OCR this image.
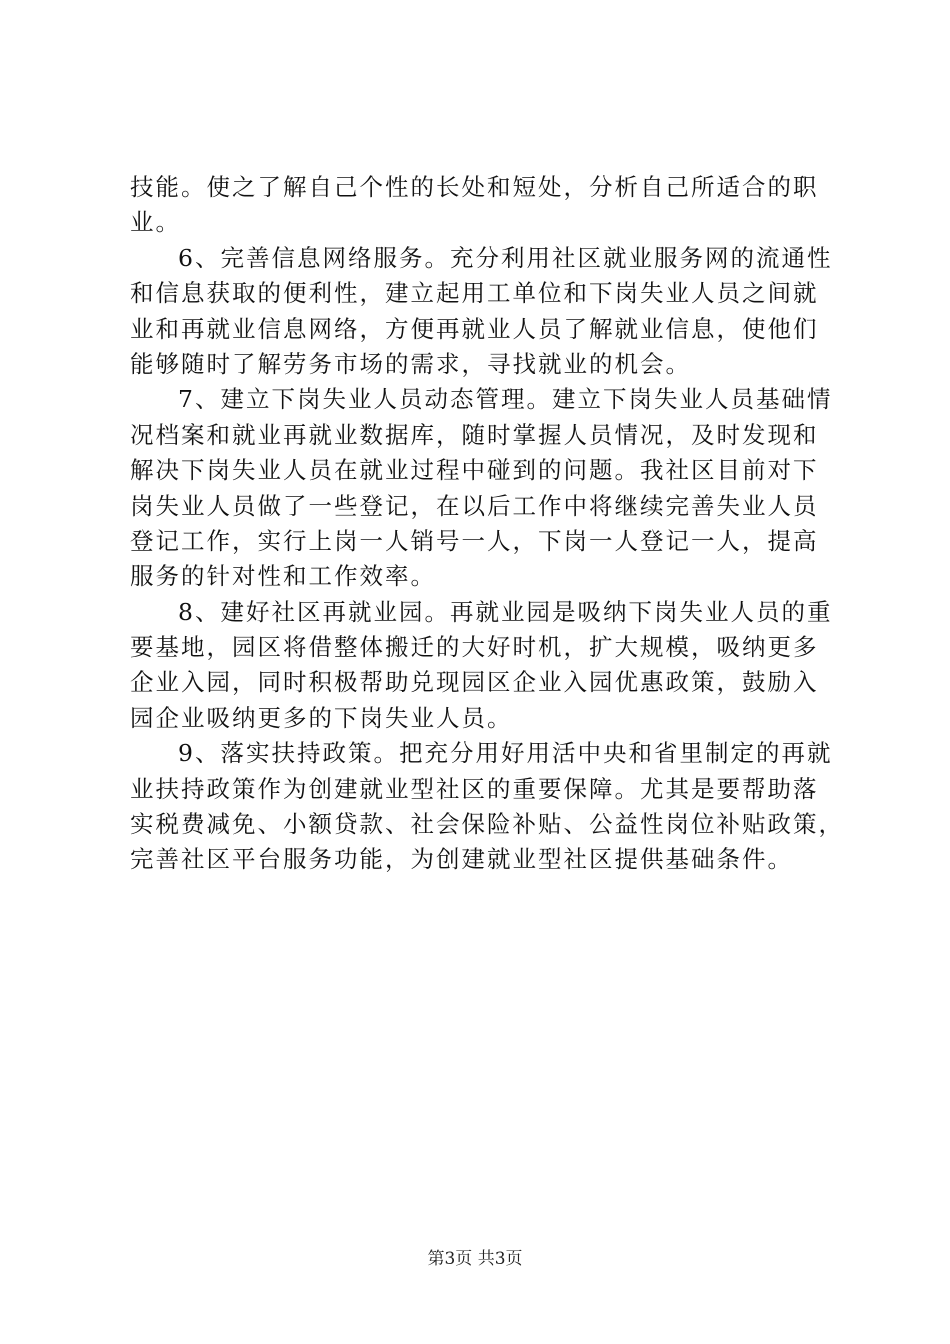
技能。使之了解自己个性的长处和短处，分析自己所适合的职
业。
6、完善信息网络服务。充分利用社区就业服务网的流通性
和信息获取的便利性，建立起用工单位和下岗失业人员之间就
业和再就业信息网络，方便再就业人员了解就业信息，使他们
能够随时了解劳务市场的需求，寻找就业的机会。
7、建立下岗失业人员动态管理。建立下岗失业人员基础情
况档案和就业再就业数据库，随时掌握人员情况，及时发现和
解决下岗失业人员在就业过程中碰到的问题。我社区目前对下
岗失业人员做了一些登记，在以后工作中将继续完善失业人员
登记工作，实行上岗一人销号一人，下岗一人登记一人，提高
服务的针对性和工作效率。
8、建好社区再就业园。再就业园是吸纳下岗失业人员的重
要基地，园区将借整体搬迁的大好时机，扩大规模，吸纳更多
企业入园，同时积极帮助兑现园区企业入园优惠政策，鼓励入
园企业吸纳更多的下岗失业人员。
9、落实扶持政策。把充分用好用活中央和省里制定的再就
业扶持政策作为创建就业型社区的重要保障。尤其是要帮助落
实税费减免、小额贷款、社会保险补贴、公益性岗位补贴政策，
完善社区平台服务功能，为创建就业型社区提供基础条件。
第3页 共3页
